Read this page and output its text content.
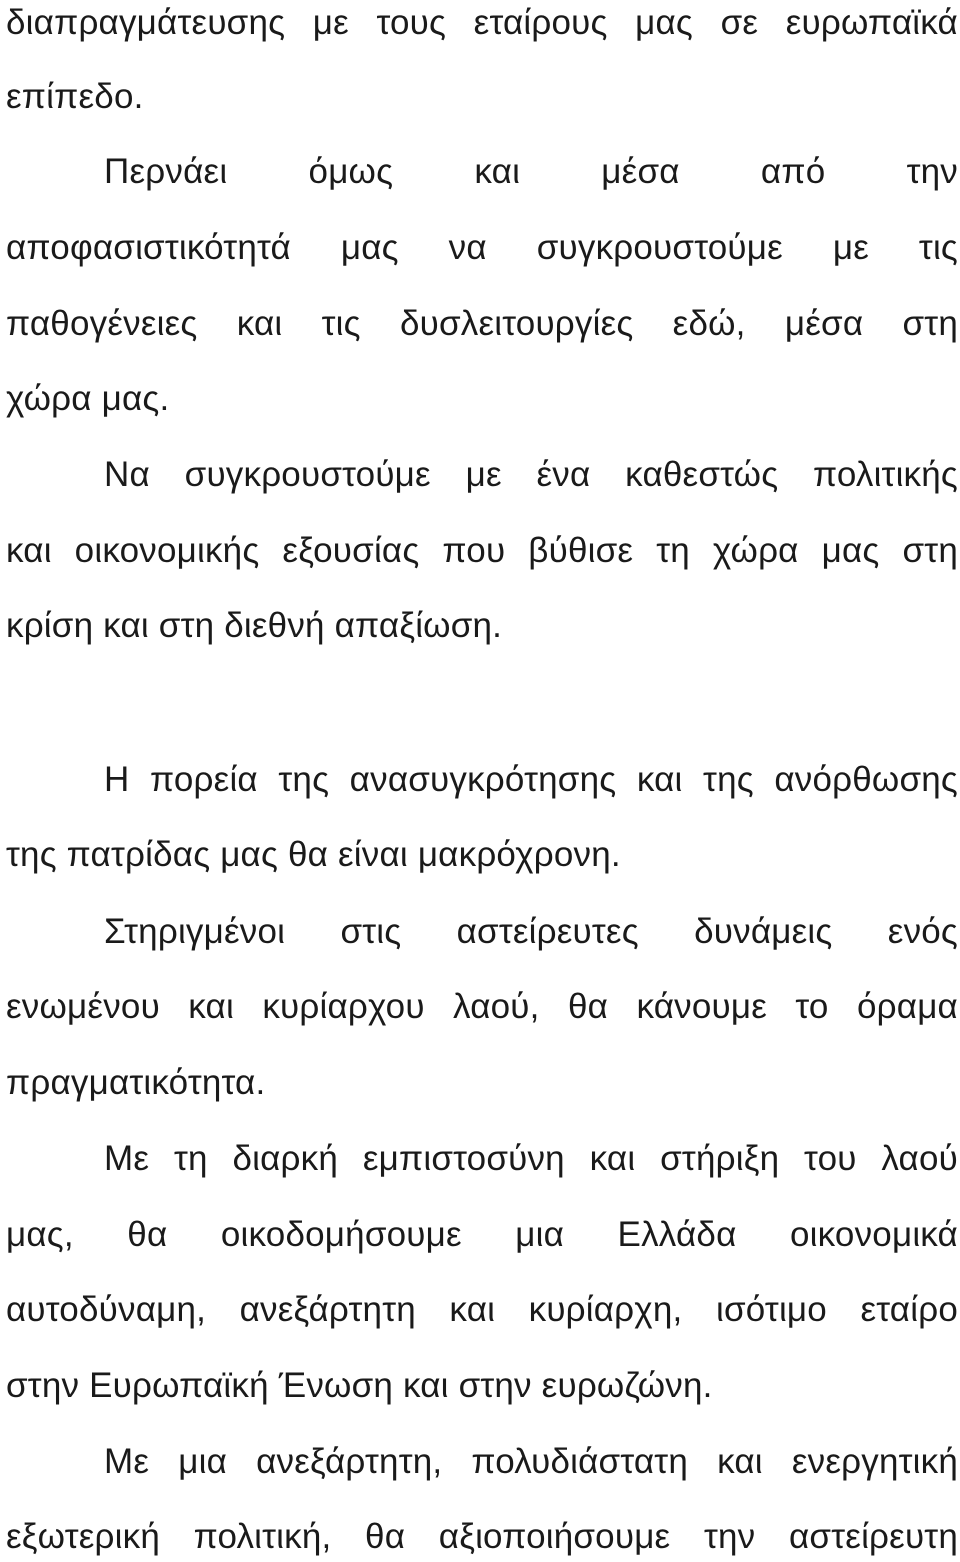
διαπραγμάτευσης με τους εταίρους μας σε ευρωπαϊκά
επίπεδο.
Περνάει όμως και μέσα από την
αποφασιστικότητά μας να συγκρουστούμε με τις
παθογένειες και τις δυσλειτουργίες εδώ, μέσα στη
χώρα μας.
Να συγκρουστούμε με ένα καθεστώς πολιτικής
και οικονομικής εξουσίας που βύθισε τη χώρα μας στη
κρίση και στη διεθνή απαξίωση.
Η πορεία της ανασυγκρότησης και της ανόρθωσης
της πατρίδας μας θα είναι μακρόχρονη.
Στηριγμένοι στις αστείρευτες δυνάμεις ενός
ενωμένου και κυρίαρχου λαού, θα κάνουμε το όραμα
πραγματικότητα.
Με τη διαρκή εμπιστοσύνη και στήριξη του λαού
μας, θα οικοδομήσουμε μια Ελλάδα οικονομικά
αυτοδύναμη, ανεξάρτητη και κυρίαρχη, ισότιμο εταίρο
στην Ευρωπαϊκή Ένωση και στην ευρωζώνη.
Με μια ανεξάρτητη, πολυδιάστατη και ενεργητική
εξωτερική πολιτική, θα αξιοποιήσουμε την αστείρευτη
